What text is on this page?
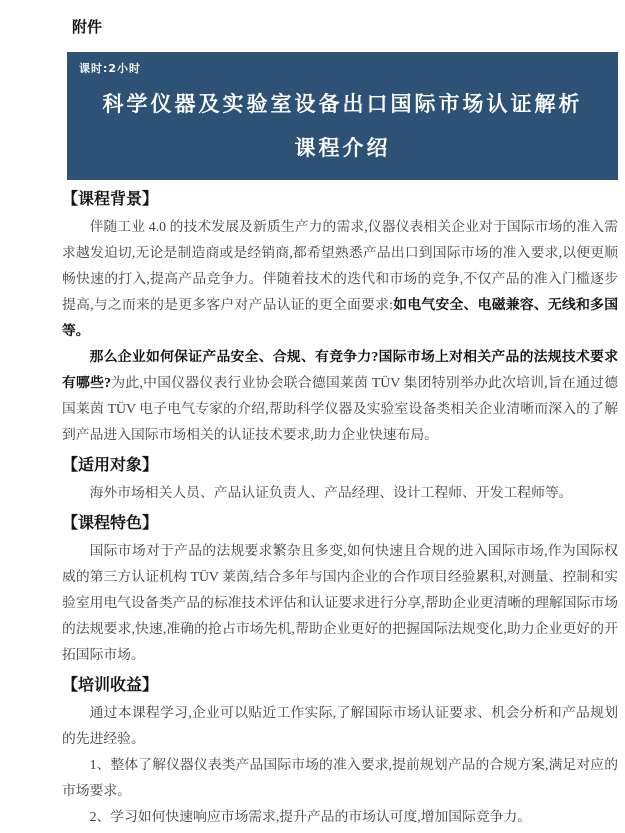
附件
课时:2小时
科学仪器及实验室设备出口国际市场认证解析
课程介绍
【课程背景】

伴随工业 4.0 的技术发展及新质生产力的需求,仪器仪表相关企业对于国际市场的准入需求越发迫切,无论是制造商或是经销商,都希望熟悉产品出口到国际市场的准入要求,以便更顺畅快速的打入,提高产品竞争力。伴随着技术的迭代和市场的竞争,不仅产品的准入门槛逐步提高,与之而来的是更多客户对产品认证的更全面要求:如电气安全、电磁兼容、无线和多国等。

那么企业如何保证产品安全、合规、有竞争力?国际市场上对相关产品的法规技术要求有哪些?为此,中国仪器仪表行业协会联合德国莱茵 TÜV 集团特别举办此次培训,旨在通过德国莱茵 TÜV 电子电气专家的介绍,帮助科学仪器及实验室设备类相关企业清晰而深入的了解到产品进入国际市场相关的认证技术要求,助力企业快速布局。

【适用对象】

海外市场相关人员、产品认证负责人、产品经理、设计工程师、开发工程师等。

【课程特色】

国际市场对于产品的法规要求繁杂且多变,如何快速且合规的进入国际市场,作为国际权威的第三方认证机构 TÜV 莱茵,结合多年与国内企业的合作项目经验累积,对测量、控制和实验室用电气设备类产品的标准技术评估和认证要求进行分享,帮助企业更清晰的理解国际市场的法规要求,快速,准确的抢占市场先机,帮助企业更好的把握国际法规变化,助力企业更好的开拓国际市场。

【培训收益】

通过本课程学习,企业可以贴近工作实际,了解国际市场认证要求、机会分析和产品规划的先进经验。

1、整体了解仪器仪表类产品国际市场的准入要求,提前规划产品的合规方案,满足对应的市场要求。

2、学习如何快速响应市场需求,提升产品的市场认可度,增加国际竞争力。
